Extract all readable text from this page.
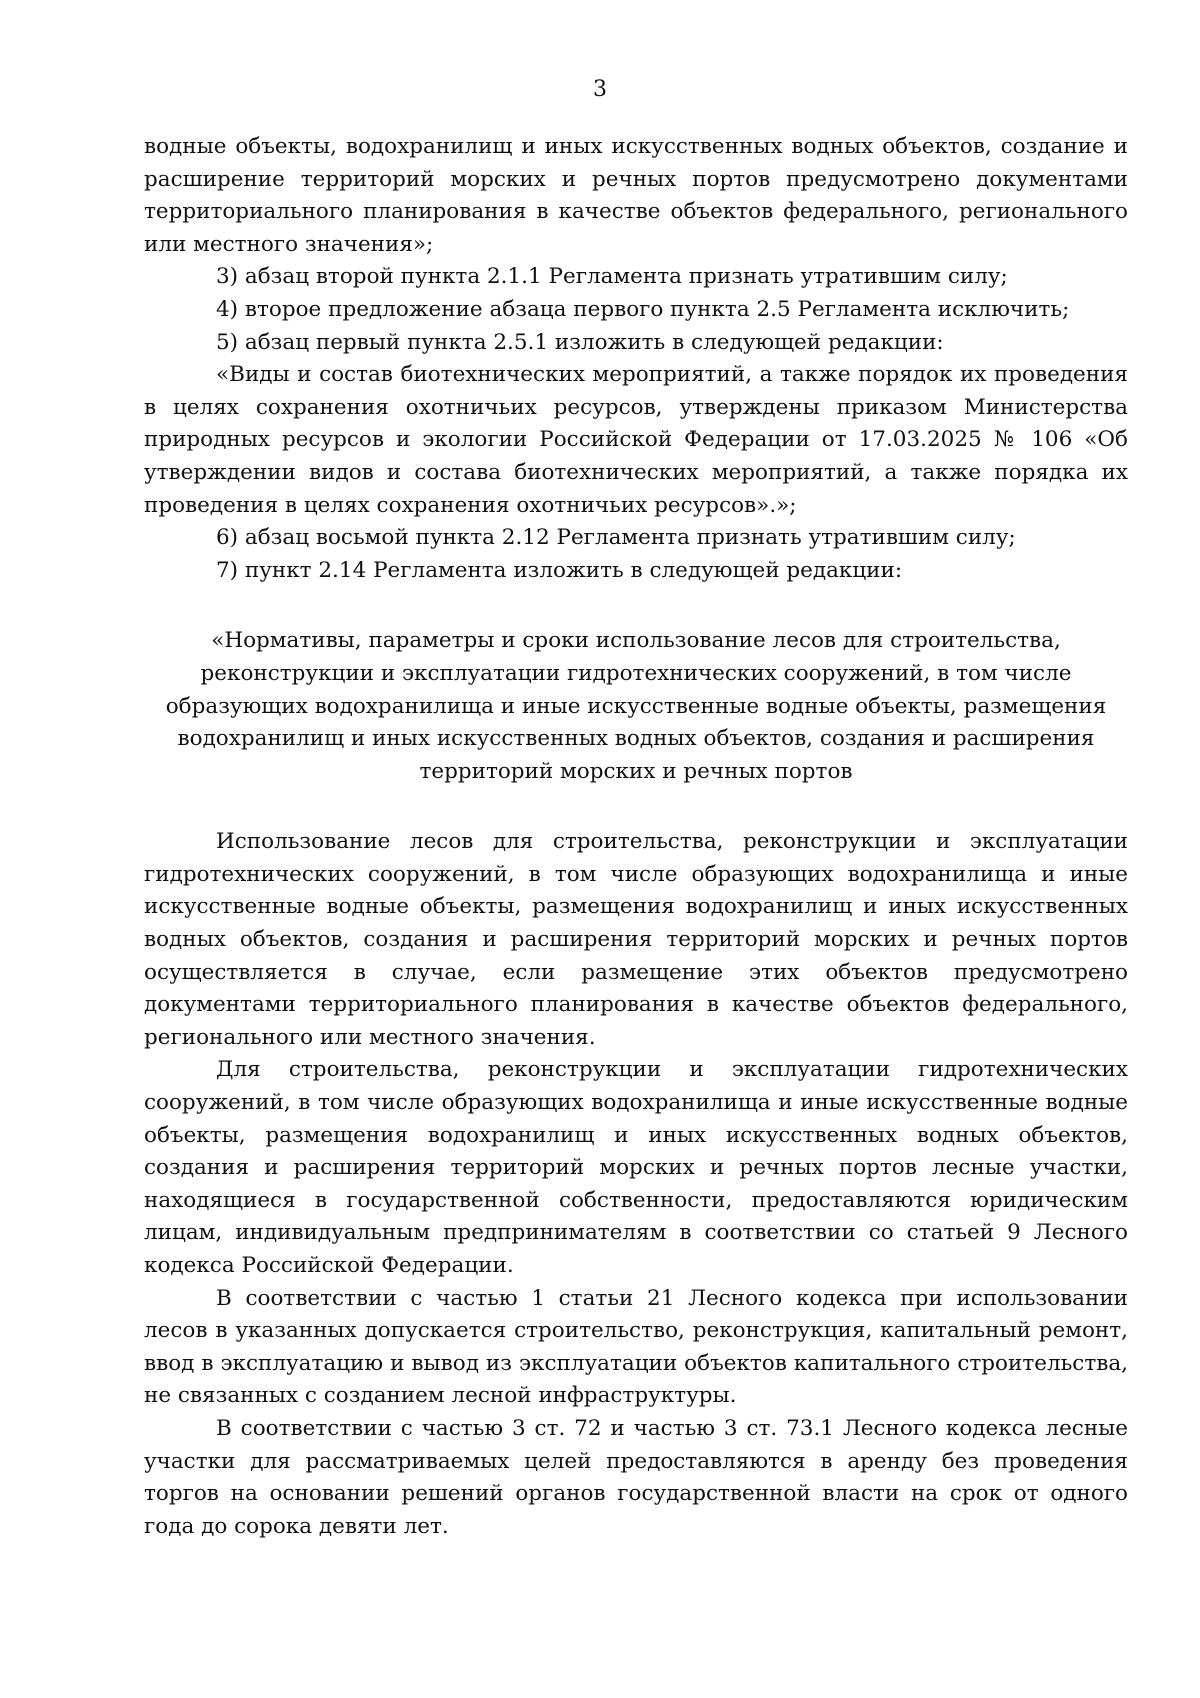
3

водные объекты, водохранилищ и иных искусственных водных объектов, создание и расширение территорий морских и речных портов предусмотрено документами территориального планирования в качестве объектов федерального, регионального или местного значения»;

3) абзац второй пункта 2.1.1 Регламента признать утратившим силу;

4) второе предложение абзаца первого пункта 2.5 Регламента исключить;

5) абзац первый пункта 2.5.1 изложить в следующей редакции:

«Виды и состав биотехнических мероприятий, а также порядок их проведения в целях сохранения охотничьих ресурсов, утверждены приказом Министерства природных ресурсов и экологии Российской Федерации от 17.03.2025 № 106 «Об утверждении видов и состава биотехнических мероприятий, а также порядка их проведения в целях сохранения охотничьих ресурсов».»;

6) абзац восьмой пункта 2.12 Регламента признать утратившим силу;

7) пункт 2.14 Регламента изложить в следующей редакции:

«Нормативы, параметры и сроки использование лесов для строительства, реконструкции и эксплуатации гидротехнических сооружений, в том числе образующих водохранилища и иные искусственные водные объекты, размещения водохранилищ и иных искусственных водных объектов, создания и расширения территорий морских и речных портов

Использование лесов для строительства, реконструкции и эксплуатации гидротехнических сооружений, в том числе образующих водохранилища и иные искусственные водные объекты, размещения водохранилищ и иных искусственных водных объектов, создания и расширения территорий морских и речных портов осуществляется в случае, если размещение этих объектов предусмотрено документами территориального планирования в качестве объектов федерального, регионального или местного значения.

Для строительства, реконструкции и эксплуатации гидротехнических сооружений, в том числе образующих водохранилища и иные искусственные водные объекты, размещения водохранилищ и иных искусственных водных объектов, создания и расширения территорий морских и речных портов лесные участки, находящиеся в государственной собственности, предоставляются юридическим лицам, индивидуальным предпринимателям в соответствии со статьей 9 Лесного кодекса Российской Федерации.

В соответствии с частью 1 статьи 21 Лесного кодекса при использовании лесов в указанных допускается строительство, реконструкция, капитальный ремонт, ввод в эксплуатацию и вывод из эксплуатации объектов капитального строительства, не связанных с созданием лесной инфраструктуры.

В соответствии с частью 3 ст. 72 и частью 3 ст. 73.1 Лесного кодекса лесные участки для рассматриваемых целей предоставляются в аренду без проведения торгов на основании решений органов государственной власти на срок от одного года до сорока девяти лет.
